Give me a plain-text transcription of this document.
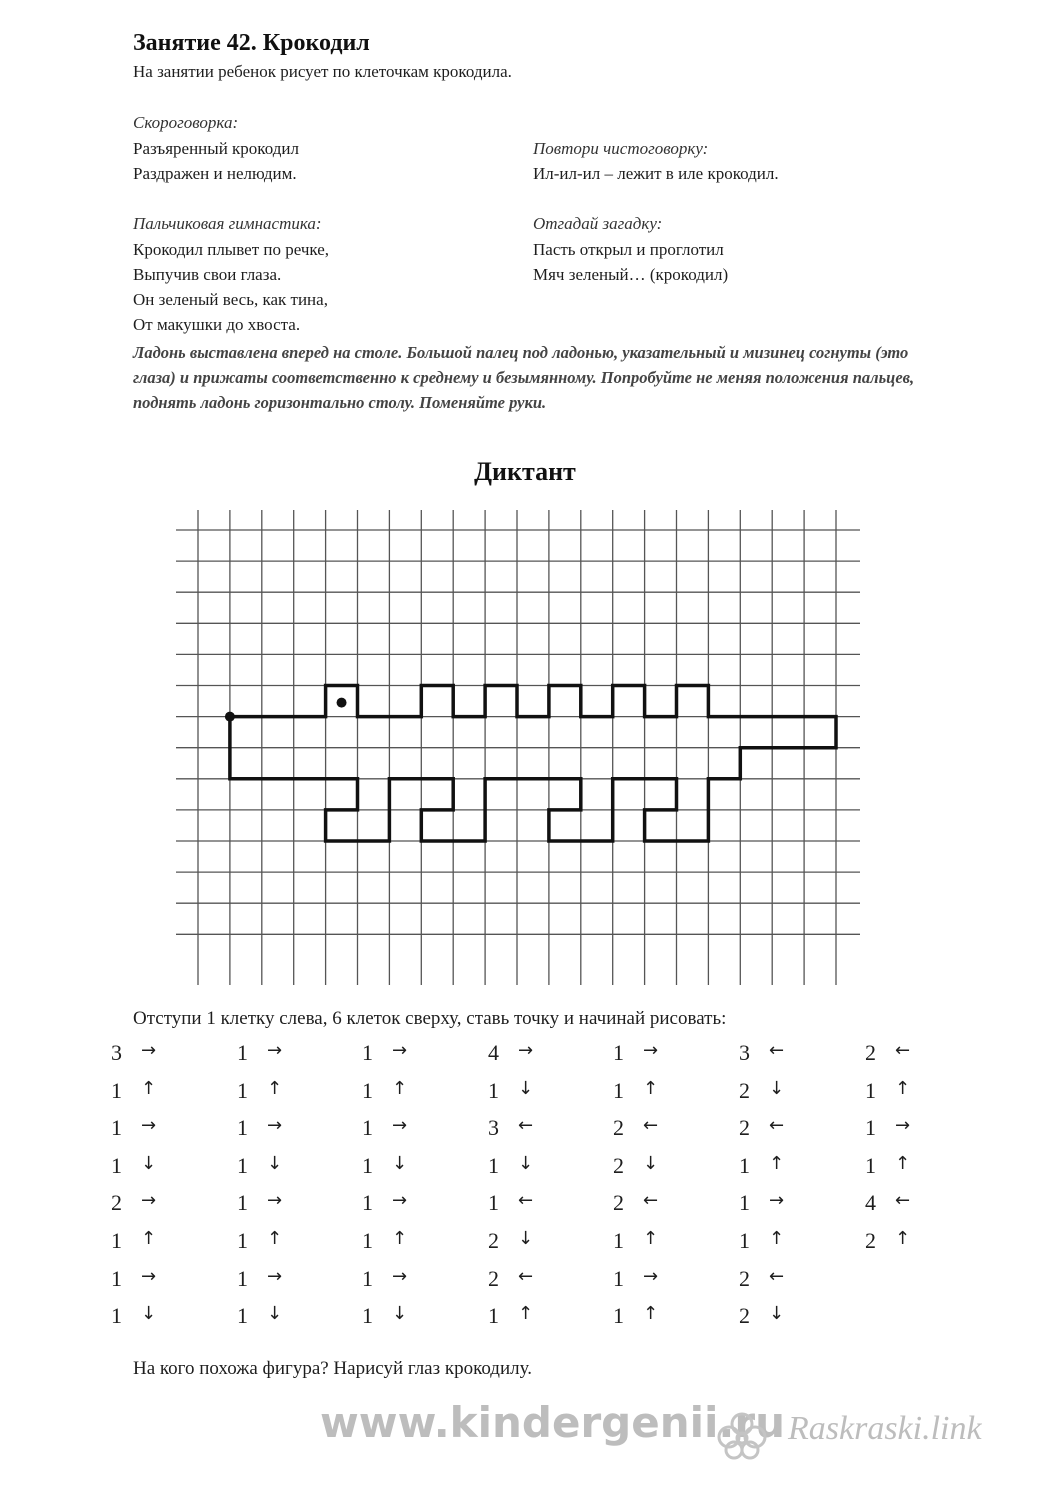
Занятие 42. Крокодил
На занятии ребенок рисует по клеточкам крокодила.
Скороговорка:
Разъяренный крокодил
Раздражен и нелюдим.
Повтори чистоговорку:
Ил-ил-ил – лежит в иле крокодил.
Пальчиковая гимнастика:
Крокодил плывет по речке,
Выпучив свои глаза.
Он зеленый весь, как тина,
От макушки до хвоста.
Отгадай загадку:
Пасть открыл и проглотил
Мяч зеленый… (крокодил)
Ладонь выставлена вперед на столе. Большой палец под ладонью, указательный и мизинец согнуты (это глаза) и прижаты соответственно к среднему и безымянному. Попробуйте не меняя положения пальцев, поднять ладонь горизонтально столу. Поменяйте руки.
Диктант
Отступи 1 клетку слева, 6 клеток сверху, ставь точку и начинай рисовать:
3 →
1 ↑
1 →
1 ↓
2 →
1 ↑
1 →
1 ↓
1 →
1 ↑
1 →
1 ↓
1 →
1 ↑
1 →
1 ↓
1 →
1 ↑
1 →
1 ↓
1 →
1 ↑
1 →
1 ↓
4 →
1 ↓
3 ←
1 ↓
1 ←
2 ↓
2 ←
1 ↑
1 →
1 ↑
2 ←
2 ↓
2 ←
1 ↑
1 →
1 ↑
3 ←
2 ↓
2 ←
1 ↑
1 →
1 ↑
2 ←
2 ↓
2 ←
1 ↑
1 →
1 ↑
4 ←
2 ↑
На кого похожа фигура? Нарисуй глаз крокодилу.
www.kindergenii.ru Raskraski.link
